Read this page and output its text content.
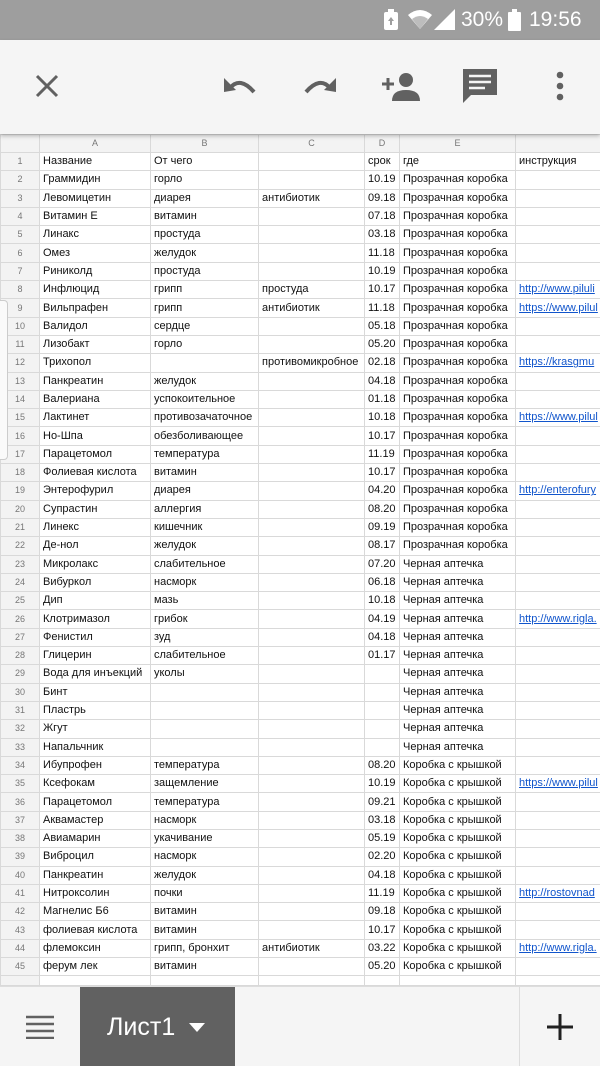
30% 19:56
	A	B	C	D	E	
1	Название	От чего		срок	где	инструкция
2	Граммидин	горло		10.19	Прозрачная коробка	
3	Левомицетин	диарея	антибиотик	09.18	Прозрачная коробка	
4	Витамин Е	витамин		07.18	Прозрачная коробка	
5	Линакс	простуда		03.18	Прозрачная коробка	
6	Омез	желудок		11.18	Прозрачная коробка	
7	Риниколд	простуда		10.19	Прозрачная коробка	
8	Инфлюцид	грипп	простуда	10.17	Прозрачная коробка	http://www.piluli
9	Вильпрафен	грипп	антибиотик	11.18	Прозрачная коробка	https://www.pilul
10	Валидол	сердце		05.18	Прозрачная коробка	
11	Лизобакт	горло		05.20	Прозрачная коробка	
12	Трихопол		противомикробное	02.18	Прозрачная коробка	https://krasgmu
13	Панкреатин	желудок		04.18	Прозрачная коробка	
14	Валериана	успокоительное		01.18	Прозрачная коробка	
15	Лактинет	противозачаточное		10.18	Прозрачная коробка	https://www.pilul
16	Но-Шпа	обезболивающее		10.17	Прозрачная коробка	
17	Парацетомол	температура		11.19	Прозрачная коробка	
18	Фолиевая кислота	витамин		10.17	Прозрачная коробка	
19	Энтерофурил	диарея		04.20	Прозрачная коробка	http://enterofury
20	Супрастин	аллергия		08.20	Прозрачная коробка	
21	Линекс	кишечник		09.19	Прозрачная коробка	
22	Де-нол	желудок		08.17	Прозрачная коробка	
23	Микролакс	слабительное		07.20	Черная аптечка	
24	Вибуркол	насморк		06.18	Черная аптечка	
25	Дип	мазь		10.18	Черная аптечка	
26	Клотримазол	грибок		04.19	Черная аптечка	http://www.rigla.
27	Фенистил	зуд		04.18	Черная аптечка	
28	Глицерин	слабительное		01.17	Черная аптечка	
29	Вода для инъекций	уколы			Черная аптечка	
30	Бинт				Черная аптечка	
31	Пластрь				Черная аптечка	
32	Жгут				Черная аптечка	
33	Напальчник				Черная аптечка	
34	Ибупрофен	температура		08.20	Коробка с крышкой	
35	Ксефокам	защемление		10.19	Коробка с крышкой	https://www.pilul
36	Парацетомол	температура		09.21	Коробка с крышкой	
37	Аквамастер	насморк		03.18	Коробка с крышкой	
38	Авиамарин	укачивание		05.19	Коробка с крышкой	
39	Виброцил	насморк		02.20	Коробка с крышкой	
40	Панкреатин	желудок		04.18	Коробка с крышкой	
41	Нитроксолин	почки		11.19	Коробка с крышкой	http://rostovnad
42	Магнелис Б6	витамин		09.18	Коробка с крышкой	
43	фолиевая кислота	витамин		10.17	Коробка с крышкой	
44	флемоксин	грипп, бронхит	антибиотик	03.22	Коробка с крышкой	http://www.rigla.
45	ферум лек	витамин		05.20	Коробка с крышкой	

Лист1
